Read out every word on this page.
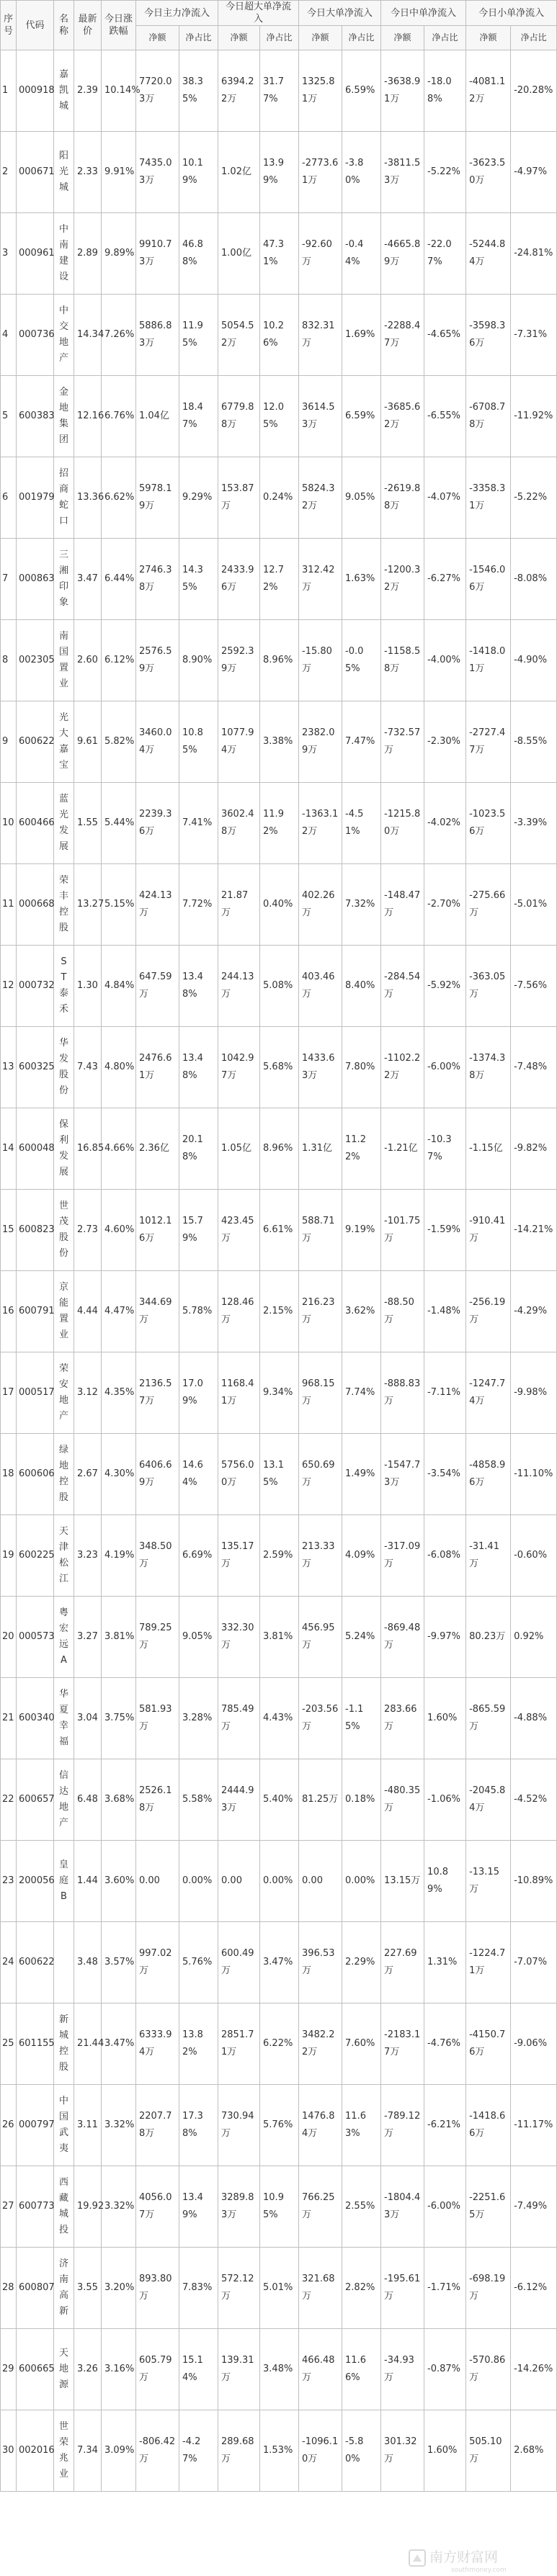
序号	代码	名称	最新价	今日涨跌幅	今日主力净流入		今日超大单净流入		今日大单净流入		今日中单净流入		今日小单净流入	
					净额	净占比	净额	净占比	净额	净占比	净额	净占比	净额	净占比
1	000918	嘉凯城	2.39	10.14%	7720.03万	38.35%	6394.22万	31.77%	1325.81万	6.59%	-3638.91万	-18.08%	-4081.12万	-20.28%
2	000671	阳光城	2.33	9.91%	7435.03万	10.19%	1.02亿	13.99%	-2773.61万	-3.80%	-3811.53万	-5.22%	-3623.50万	-4.97%
3	000961	中南建设	2.89	9.89%	9910.73万	46.88%	1.00亿	47.31%	-92.60万	-0.44%	-4665.89万	-22.07%	-5244.84万	-24.81%
4	000736	中交地产	14.34	7.26%	5886.83万	11.95%	5054.52万	10.26%	832.31万	1.69%	-2288.47万	-4.65%	-3598.36万	-7.31%
5	600383	金地集团	12.16	6.76%	1.04亿	18.47%	6779.88万	12.05%	3614.53万	6.59%	-3685.62万	-6.55%	-6708.78万	-11.92%
6	001979	招商蛇口	13.36	6.62%	5978.19万	9.29%	153.87万	0.24%	5824.32万	9.05%	-2619.88万	-4.07%	-3358.31万	-5.22%
7	000863	三湘印象	3.47	6.44%	2746.38万	14.35%	2433.96万	12.72%	312.42万	1.63%	-1200.32万	-6.27%	-1546.06万	-8.08%
8	002305	南国置业	2.60	6.12%	2576.59万	8.90%	2592.39万	8.96%	-15.80万	-0.05%	-1158.58万	-4.00%	-1418.01万	-4.90%
9	600622	光大嘉宝	9.61	5.82%	3460.04万	10.85%	1077.94万	3.38%	2382.09万	7.47%	-732.57万	-2.30%	-2727.47万	-8.55%
10	600466	蓝光发展	1.55	5.44%	2239.36万	7.41%	3602.48万	11.92%	-1363.12万	-4.51%	-1215.80万	-4.02%	-1023.56万	-3.39%
11	000668	荣丰控股	13.27	5.15%	424.13万	7.72%	21.87万	0.40%	402.26万	7.32%	-148.47万	-2.70%	-275.66万	-5.01%
12	000732	ST泰禾	1.30	4.84%	647.59万	13.48%	244.13万	5.08%	403.46万	8.40%	-284.54万	-5.92%	-363.05万	-7.56%
13	600325	华发股份	7.43	4.80%	2476.61万	13.48%	1042.97万	5.68%	1433.63万	7.80%	-1102.22万	-6.00%	-1374.38万	-7.48%
14	600048	保利发展	16.85	4.66%	2.36亿	20.18%	1.05亿	8.96%	1.31亿	11.22%	-1.21亿	-10.37%	-1.15亿	-9.82%
15	600823	世茂股份	2.73	4.60%	1012.16万	15.79%	423.45万	6.61%	588.71万	9.19%	-101.75万	-1.59%	-910.41万	-14.21%
16	600791	京能置业	4.44	4.47%	344.69万	5.78%	128.46万	2.15%	216.23万	3.62%	-88.50万	-1.48%	-256.19万	-4.29%
17	000517	荣安地产	3.12	4.35%	2136.57万	17.09%	1168.41万	9.34%	968.15万	7.74%	-888.83万	-7.11%	-1247.74万	-9.98%
18	600606	绿地控股	2.67	4.30%	6406.69万	14.64%	5756.00万	13.15%	650.69万	1.49%	-1547.73万	-3.54%	-4858.96万	-11.10%
19	600225	天津松江	3.23	4.19%	348.50万	6.69%	135.17万	2.59%	213.33万	4.09%	-317.09万	-6.08%	-31.41万	-0.60%
20	000573	粤宏远A	3.27	3.81%	789.25万	9.05%	332.30万	3.81%	456.95万	5.24%	-869.48万	-9.97%	80.23万	0.92%
21	600340	华夏幸福	3.04	3.75%	581.93万	3.28%	785.49万	4.43%	-203.56万	-1.15%	283.66万	1.60%	-865.59万	-4.88%
22	600657	信达地产	6.48	3.68%	2526.18万	5.58%	2444.93万	5.40%	81.25万	0.18%	-480.35万	-1.06%	-2045.84万	-4.52%
23	200056	皇庭B	1.44	3.60%	0.00	0.00%	0.00	0.00%	0.00	0.00%	13.15万	10.89%	-13.15万	-10.89%
24	600622		3.48	3.57%	997.02万	5.76%	600.49万	3.47%	396.53万	2.29%	227.69万	1.31%	-1224.71万	-7.07%
25	601155	新城控股	21.44	3.47%	6333.94万	13.82%	2851.71万	6.22%	3482.22万	7.60%	-2183.17万	-4.76%	-4150.76万	-9.06%
26	000797	中国武夷	3.11	3.32%	2207.78万	17.38%	730.94万	5.76%	1476.84万	11.63%	-789.12万	-6.21%	-1418.66万	-11.17%
27	600773	西藏城投	19.92	3.32%	4056.07万	13.49%	3289.83万	10.95%	766.25万	2.55%	-1804.43万	-6.00%	-2251.65万	-7.49%
28	600807	济南高新	3.55	3.20%	893.80万	7.83%	572.12万	5.01%	321.68万	2.82%	-195.61万	-1.71%	-698.19万	-6.12%
29	600665	天地源	3.26	3.16%	605.79万	15.14%	139.31万	3.48%	466.48万	11.66%	-34.93万	-0.87%	-570.86万	-14.26%
30	002016	世荣兆业	7.34	3.09%	-806.42万	-4.27%	289.68万	1.53%	-1096.10万	-5.80%	301.32万	1.60%	505.10万	2.68%
南方财富网
southmoney.com
